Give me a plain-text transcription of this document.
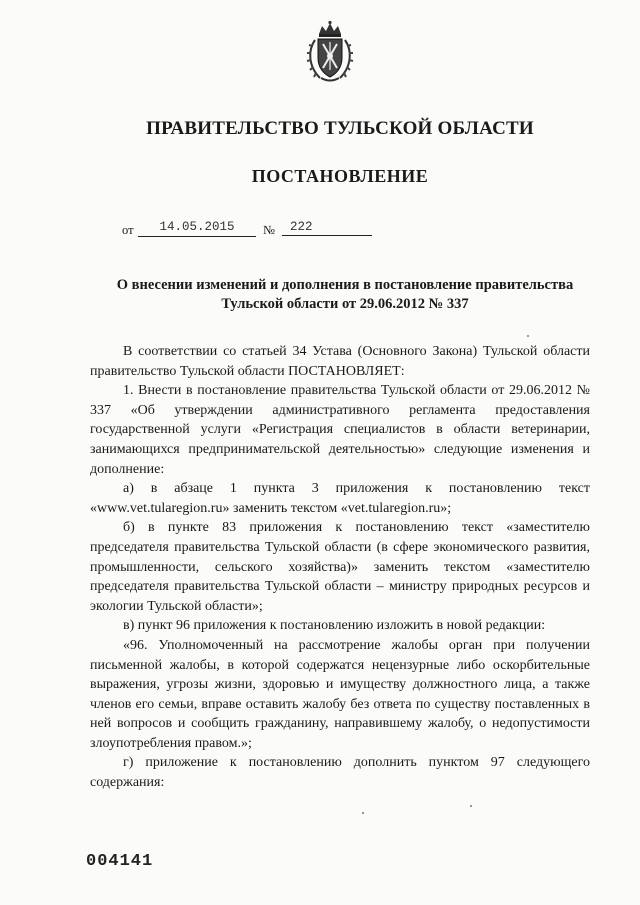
ПРАВИТЕЛЬСТВО ТУЛЬСКОЙ ОБЛАСТИ
ПОСТАНОВЛЕНИЕ
от	14.05.2015	№	222
О внесении изменений и дополнения в постановление правительства
Тульской области от 29.06.2012 № 337

В соответствии со статьей 34 Устава (Основного Закона) Тульской области правительство Тульской области ПОСТАНОВЛЯЕТ:

1. Внести в постановление правительства Тульской области от 29.06.2012 № 337 «Об утверждении административного регламента предоставления государственной услуги «Регистрация специалистов в области ветеринарии, занимающихся предпринимательской деятельностью» следующие изменения и дополнение:

а) в абзаце 1 пункта 3 приложения к постановлению текст «www.vet.tularegion.ru» заменить текстом «vet.tularegion.ru»;

б) в пункте 83 приложения к постановлению текст «заместителю председателя правительства Тульской области (в сфере экономического развития, промышленности, сельского хозяйства)» заменить текстом «заместителю председателя правительства Тульской области – министру природных ресурсов и экологии Тульской области»;

в) пункт 96 приложения к постановлению изложить в новой редакции:

«96. Уполномоченный на рассмотрение жалобы орган при получении письменной жалобы, в которой содержатся нецензурные либо оскорбительные выражения, угрозы жизни, здоровью и имуществу должностного лица, а также членов его семьи, вправе оставить жалобу без ответа по существу поставленных в ней вопросов и сообщить гражданину, направившему жалобу, о недопустимости злоупотребления правом.»;

г) приложение к постановлению дополнить пунктом 97 следующего содержания:

004141
